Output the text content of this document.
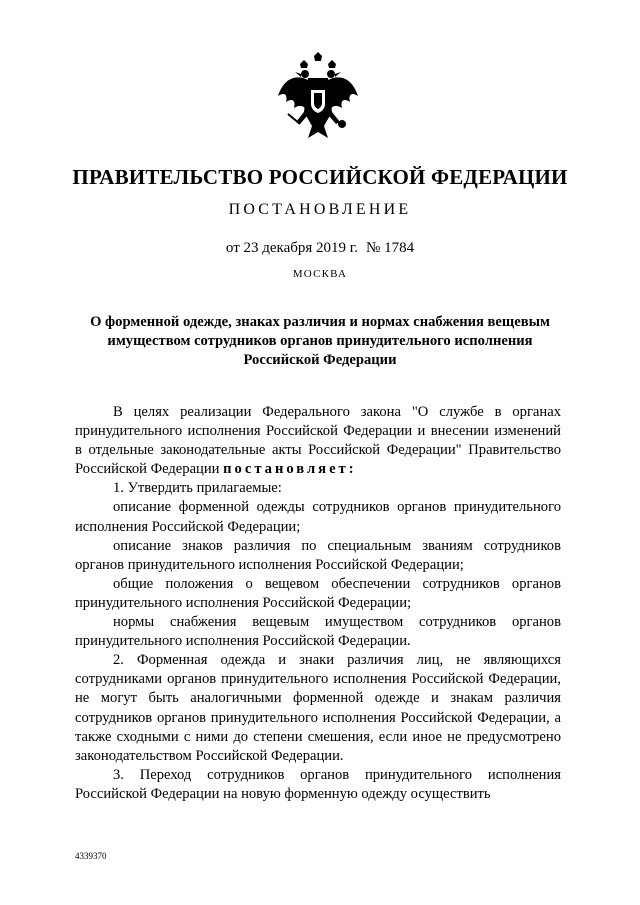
ПРАВИТЕЛЬСТВО РОССИЙСКОЙ ФЕДЕРАЦИИ
ПОСТАНОВЛЕНИЕ
от 23 декабря 2019 г. № 1784
МОСКВА
О форменной одежде, знаках различия и нормах снабжения вещевым имуществом сотрудников органов принудительного исполнения Российской Федерации

В целях реализации Федерального закона "О службе в органах принудительного исполнения Российской Федерации и внесении изменений в отдельные законодательные акты Российской Федерации" Правительство Российской Федерации постановляет:

1. Утвердить прилагаемые:

описание форменной одежды сотрудников органов принудительного исполнения Российской Федерации;

описание знаков различия по специальным званиям сотрудников органов принудительного исполнения Российской Федерации;

общие положения о вещевом обеспечении сотрудников органов принудительного исполнения Российской Федерации;

нормы снабжения вещевым имуществом сотрудников органов принудительного исполнения Российской Федерации.

2. Форменная одежда и знаки различия лиц, не являющихся сотрудниками органов принудительного исполнения Российской Федерации, не могут быть аналогичными форменной одежде и знакам различия сотрудников органов принудительного исполнения Российской Федерации, а также сходными с ними до степени смешения, если иное не предусмотрено законодательством Российской Федерации.

3. Переход сотрудников органов принудительного исполнения Российской Федерации на новую форменную одежду осуществить

4339370
